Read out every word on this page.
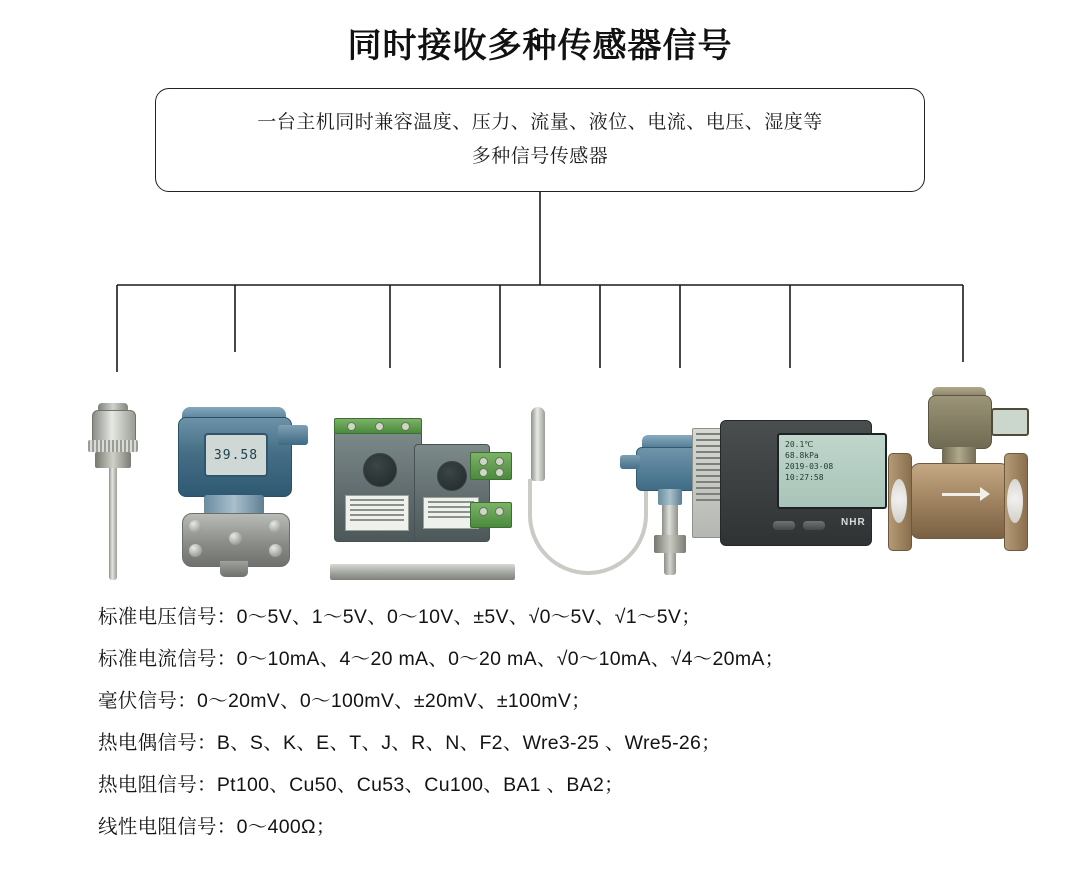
同时接收多种传感器信号
一台主机同时兼容温度、压力、流量、液位、电流、电压、湿度等
多种信号传感器
39.58
20.1℃
68.8kPa
2019-03-08
10:27:58
NHR
标准电压信号：0～5V、1～5V、0～10V、±5V、√0～5V、√1～5V；
标准电流信号：0～10mA、4～20 mA、0～20 mA、√0～10mA、√4～20mA；
毫伏信号：0～20mV、0～100mV、±20mV、±100mV；
热电偶信号：B、S、K、E、T、J、R、N、F2、Wre3-25 、Wre5-26；
热电阻信号：Pt100、Cu50、Cu53、Cu100、BA1 、BA2；
线性电阻信号：0～400Ω；
